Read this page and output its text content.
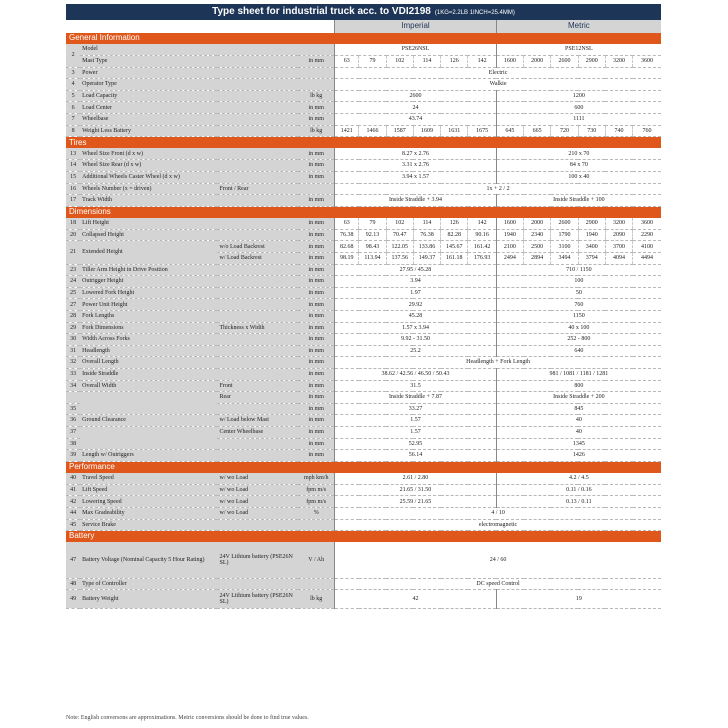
Type sheet for industrial truck acc. to VDI2198 (1KG=2.2LB 1INCH=25.4MM)
				Imperial						Metric					
General Information															
2	Model			PSE26NSL						PSE12NSL					
	Mast Type		in mm	63	79	102	114	126	142	1600	2000	2600	2900	3200	3600
3	Power			Electric											
4	Operator Type			Walkie											
5	Load Capacity		lb kg	2600						1200					
6	Load Center		in mm	24						600					
7	Wheelbase		in mm	43.74						1111					
8	Weight Less Battery		lb kg	1421	1466	1587	1609	1631	1675	645	665	720	730	740	760
Tires															
13	Wheel Size Front (d x w)		in mm	8.27 x 2.76						210 x 70					
14	Wheel Size Rear (d x w)		in mm	3.31 x 2.76						84 x 70					
15	Additional Wheels Caster Wheel (d x w)		in mm	3.94 x 1.57						100 x 40					
16	Wheels Number (x = driven)	Front / Rear		1x + 2 / 2											
17	Track Width		in mm	Inside Straddle + 3.94						Inside Straddle + 100					
Dimensions															
18	Lift Height		in mm	63	79	102	114	126	142	1600	2000	2600	2900	3200	3600
20	Collapsed Height		in mm	76.38	92.13	70.47	76.38	82.28	90.16	1940	2340	1790	1940	2090	2290
21	Extended Height	w/o Load Backrest	in mm	82.68	98.43	122.05	133.86	145.67	161.42	2100	2500	3100	3400	3700	4100
		w/ Load Backrest	in mm	98.19	113.94	137.56	149.37	161.18	176.93	2494	2894	3494	3794	4094	4494
23	Tiller Arm Height in Drive Position		in mm	27.95 / 45.28						710 / 1150					
24	Outrigger Height		in mm	3.94						100					
25	Lowered Fork Height		in mm	1.97						50					
27	Power Unit Height		in mm	29.92						760					
28	Fork Lengths		in mm	45.28						1150					
29	Fork Dimensions	Thickness x Width	in mm	1.57 x 3.94						40 x 100					
30	Width Across Forks		in mm	9.92 - 31.50						252 - 800					
31	Headlength		in mm	25.2						640					
32	Overall Length		in mm	Headlength + Fork Length											
33	Inside Straddle		in mm	38.62 / 42.56 / 46.50 / 50.43						981 / 1081 / 1181 / 1281					
34	Overall Width	Front	in mm	31.5						800					
		Rear	in mm	Inside Straddle + 7.87						Inside Straddle + 200					
35			in mm	33.27						845					
36	Ground Clearance	w/ Load below Mast	in mm	1.57						40					
37		Center Wheelbase	in mm	1.57						40					
38			in mm	52.95						1345					
39	Length w/ Outriggers		in mm	56.14						1426					
Performance															
40	Travel Speed	w/ wo Load	mph km/h	2.61 / 2.80						4.2 / 4.5					
41	Lift Speed	w/ wo Load	fpm m/s	21.65 / 31.50						0.11 / 0.16					
42	Lowering Speed	w/ wo Load	fpm m/s	25.59 / 21.65						0.13 / 0.11					
44	Max Gradeability	w/ wo Load	%	4 / 10											
45	Service Brake			electromagnetic											
Battery															
47	Battery Voltage (Nominal Capacity 5 Hour Rating)	24V Lithium battery (PSE26N SL)	V / Ah	24 / 60											
48	Type of Controller			DC speed Control											
49	Battery Weight	24V Lithium battery (PSE26N SL)	lb kg	42						19					
Note: English conversons are approximations. Metric conversions should be done to find true values.
